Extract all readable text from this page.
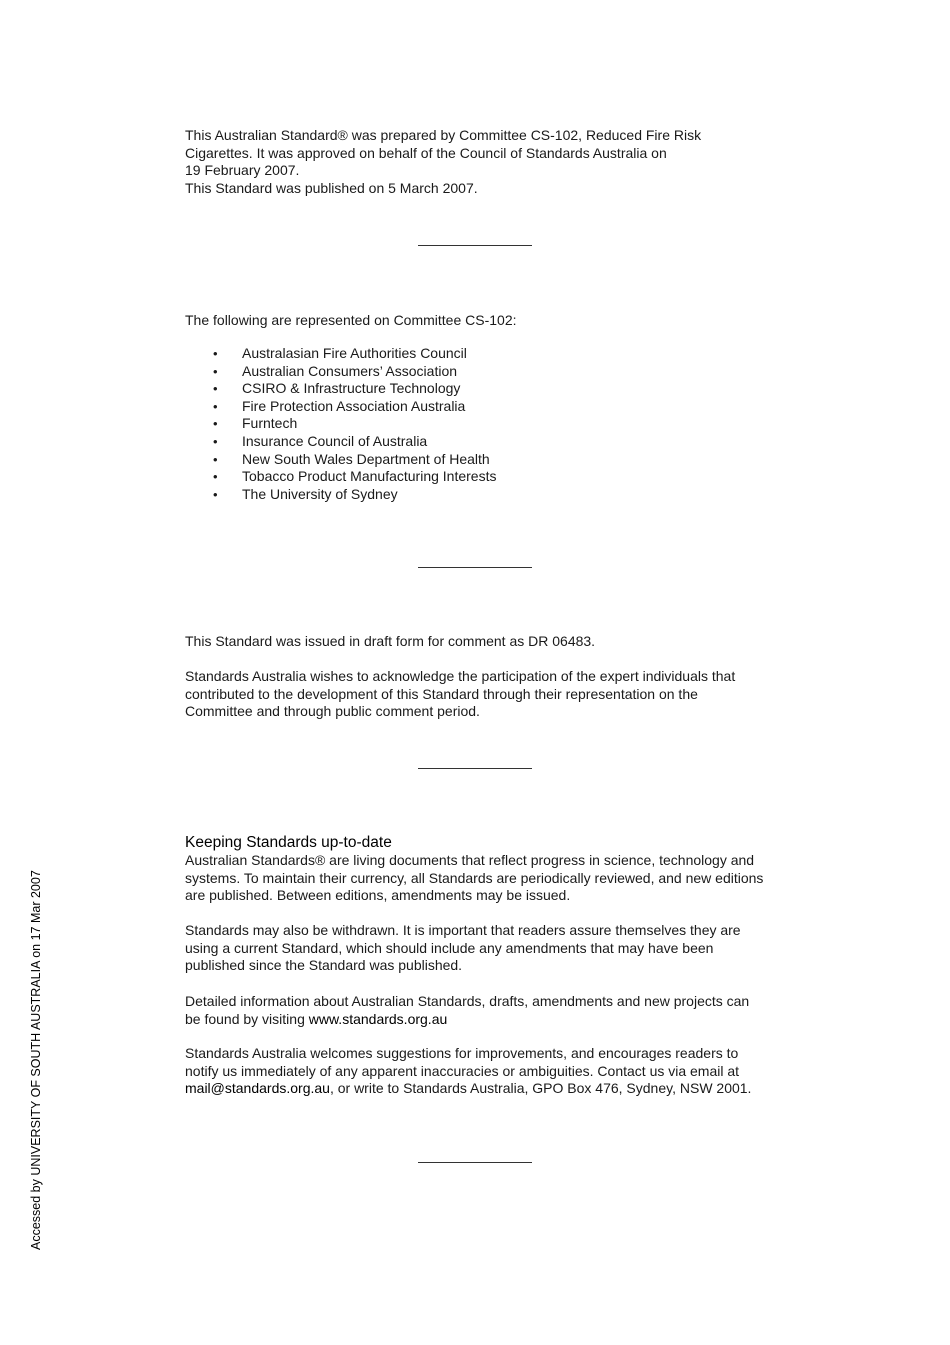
This Australian Standard® was prepared by Committee CS-102, Reduced Fire Risk

Cigarettes. It was approved on behalf of the Council of Standards Australia on

19 February 2007.

This Standard was published on 5 March 2007.

The following are represented on Committee CS-102:

• Australasian Fire Authorities Council
• Australian Consumers’ Association
• CSIRO & Infrastructure Technology
• Fire Protection Association Australia
• Furntech
• Insurance Council of Australia
• New South Wales Department of Health
• Tobacco Product Manufacturing Interests
• The University of Sydney

This Standard was issued in draft form for comment as DR 06483.

Standards Australia wishes to acknowledge the participation of the expert individuals that

contributed to the development of this Standard through their representation on the

Committee and through public comment period.

Keeping Standards up-to-date

Australian Standards® are living documents that reflect progress in science, technology and

systems. To maintain their currency, all Standards are periodically reviewed, and new editions

are published. Between editions, amendments may be issued.

Standards may also be withdrawn. It is important that readers assure themselves they are

using a current Standard, which should include any amendments that may have been

published since the Standard was published.

Detailed information about Australian Standards, drafts, amendments and new projects can

be found by visiting www.standards.org.au

Standards Australia welcomes suggestions for improvements, and encourages readers to

notify us immediately of any apparent inaccuracies or ambiguities. Contact us via email at

mail@standards.org.au, or write to Standards Australia, GPO Box 476, Sydney, NSW 2001.

Accessed by UNIVERSITY OF SOUTH AUSTRALIA on 17 Mar 2007
